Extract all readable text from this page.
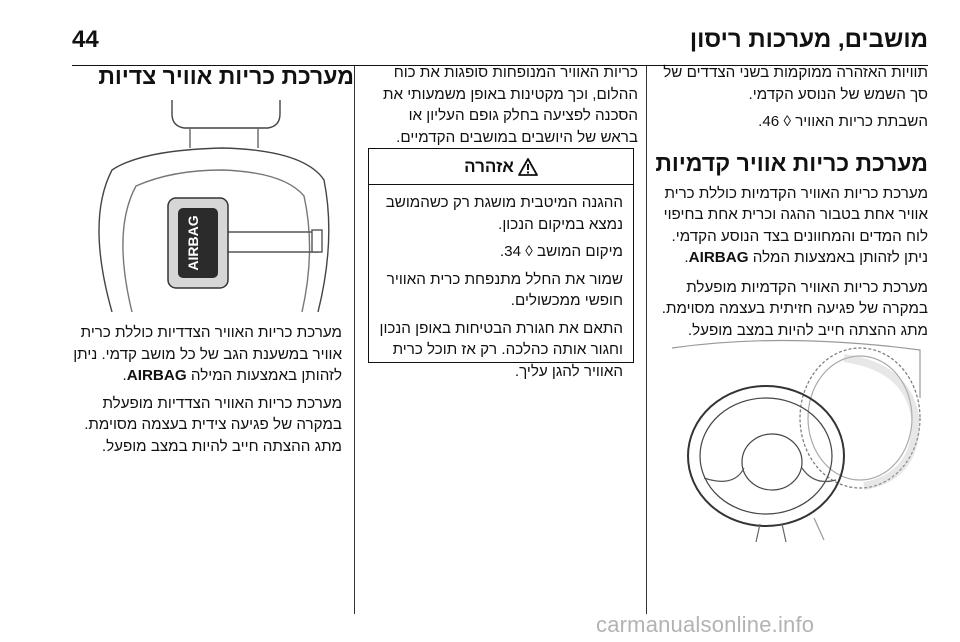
44	מושבים, מערכות ריסון

תוויות האזהרה ממוקמות בשני הצדדים של סך השמש של הנוסע הקדמי.

השבתת כריות האוויר ◊ 46.

מערכת כריות אוויר קדמיות

מערכת כריות האוויר הקדמיות כוללת כרית אוויר אחת בטבור ההגה וכרית אחת בחיפוי לוח המדים והמחוונים בצד הנוסע הקדמי. ניתן לזהותן באמצעות המלה AIRBAG.

מערכת כריות האוויר הקדמיות מופעלת במקרה של פגיעה חזיתית בעצמה מסוימת. מתג ההצתה חייב להיות במצב מופעל.

כריות האוויר המנופחות סופגות את כוח ההלום, וכך מקטינות באופן משמעותי את הסכנה לפציעה בחלק גופם העליון או בראש של היושבים במושבים הקדמיים.

אזהרה

ההגנה המיטבית מושגת רק כשהמושב נמצא במיקום הנכון.

מיקום המושב ◊ 34.

שמור את החלל מתנפחת כרית האוויר חופשי ממכשולים.

התאם את חגורת הבטיחות באופן הנכון וחגור אותה כהלכה. רק אז תוכל כרית האוויר להגן עליך.

מערכת כריות אוויר צדיות
AIRBAG

מערכת כריות האוויר הצדדיות כוללת כרית אוויר במשענת הגב של כל מושב קדמי. ניתן לזהותן באמצעות המילה AIRBAG.

מערכת כריות האוויר הצדדיות מופעלת במקרה של פגיעה צידית בעצמה מסוימת. מתג ההצתה חייב להיות במצב מופעל.

carmanualsonline.info
